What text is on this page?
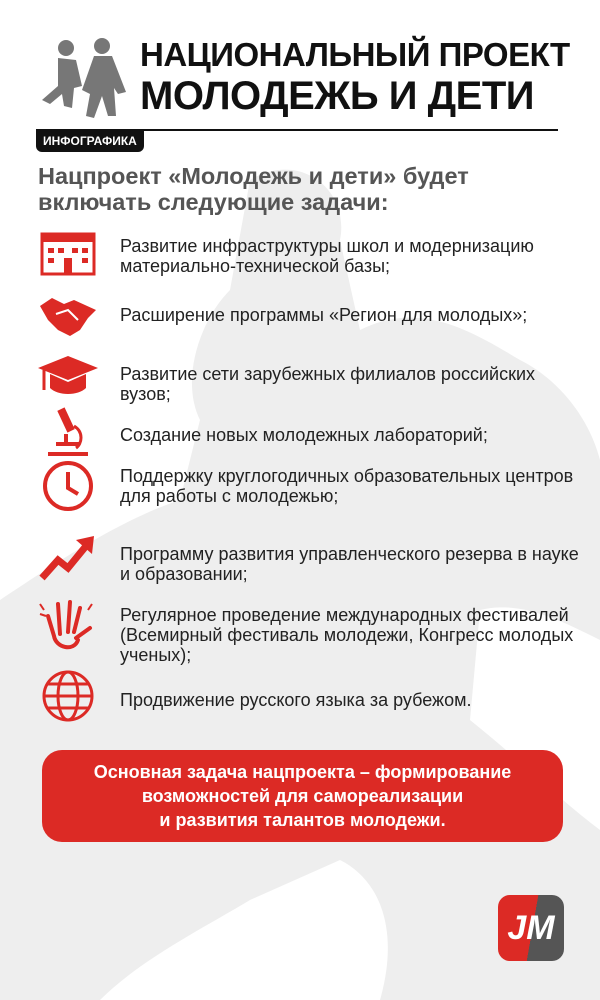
НАЦИОНАЛЬНЫЙ ПРОЕКТ
МОЛОДЕЖЬ И ДЕТИ
ИНФОГРАФИКА
Нацпроект «Молодежь и дети» будет включать следующие задачи:
Развитие инфраструктуры школ и модернизацию материально-технической базы;
Расширение программы «Регион для молодых»;
Развитие сети зарубежных филиалов российских вузов;
Создание новых молодежных лабораторий;
Поддержку круглогодичных образовательных центров для работы с молодежью;
Программу развития управленческого резерва в науке и образовании;
Регулярное проведение международных фестивалей (Всемирный фестиваль молодежи, Конгресс молодых ученых);
Продвижение русского языка за рубежом.
Основная задача нацпроекта – формирование
возможностей для самореализации
и развития талантов молодежи.
JM
